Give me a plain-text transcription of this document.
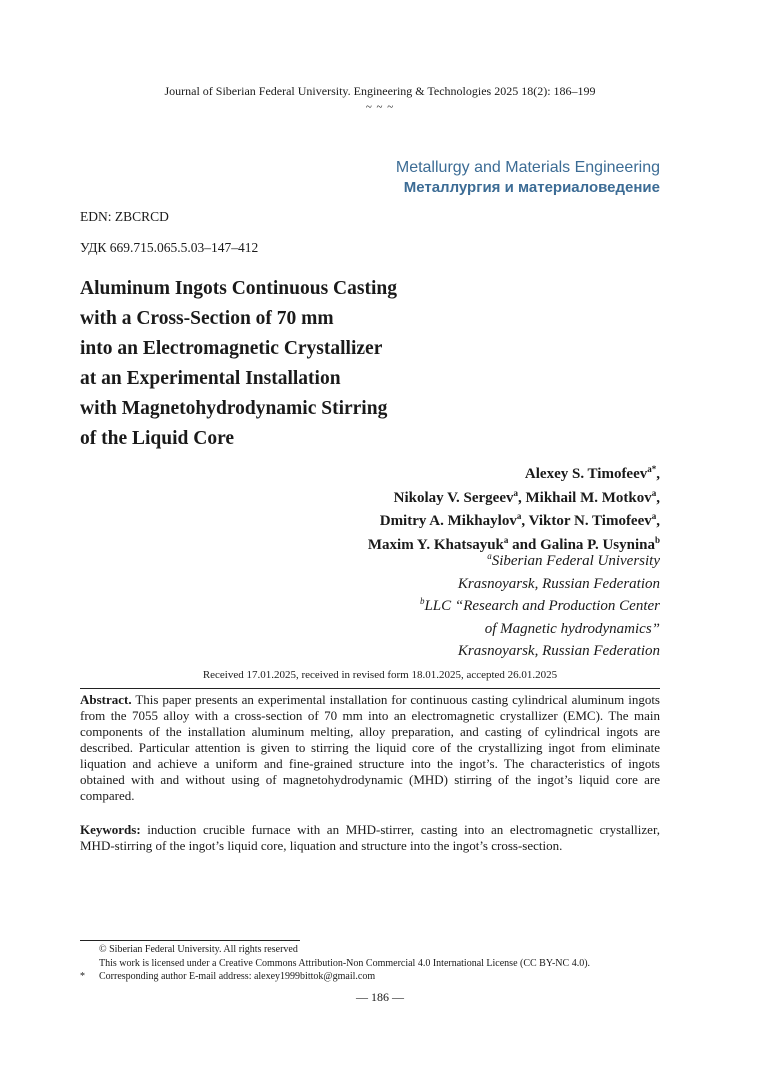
Journal of Siberian Federal University. Engineering & Technologies 2025 18(2): 186–199
~ ~ ~
Metallurgy and Materials Engineering
Металлургия и материаловедение
EDN: ZBCRCD
УДК 669.715.065.5.03–147–412
Aluminum Ingots Continuous Casting
with a Cross-Section of 70 mm
into an Electromagnetic Crystallizer
at an Experimental Installation
with Magnetohydrodynamic Stirring
of the Liquid Core
Alexey S. Timofeev$^{a*}$,
Nikolay V. Sergeev$^a$, Mikhail M. Motkov$^a$,
Dmitry A. Mikhaylov$^a$, Viktor N. Timofeev$^a$,
Maxim Y. Khatsayuk$^a$ and Galina P. Usynina$^b$
$^a$Siberian Federal University
Krasnoyarsk, Russian Federation
$^b$LLC “Research and Production Center
of Magnetic hydrodynamics”
Krasnoyarsk, Russian Federation
Received 17.01.2025, received in revised form 18.01.2025, accepted 26.01.2025
Abstract. This paper presents an experimental installation for continuous casting cylindrical aluminum ingots from the 7055 alloy with a cross-section of 70 mm into an electromagnetic crystallizer (EMC). The main components of the installation aluminum melting, alloy preparation, and casting of cylindrical ingots are described. Particular attention is given to stirring the liquid core of the crystallizing ingot from eliminate liquation and achieve a uniform and fine-grained structure into the ingot’s. The characteristics of ingots obtained with and without using of magnetohydrodynamic (MHD) stirring of the ingot’s liquid core are compared.
Keywords: induction crucible furnace with an MHD-stirrer, casting into an electromagnetic crystallizer, MHD-stirring of the ingot’s liquid core, liquation and structure into the ingot’s cross-section.
© Siberian Federal University. All rights reserved
This work is licensed under a Creative Commons Attribution-Non Commercial 4.0 International License (CC BY-NC 4.0).
*	Corresponding author E-mail address: alexey1999bittok@gmail.com
— 186 —
